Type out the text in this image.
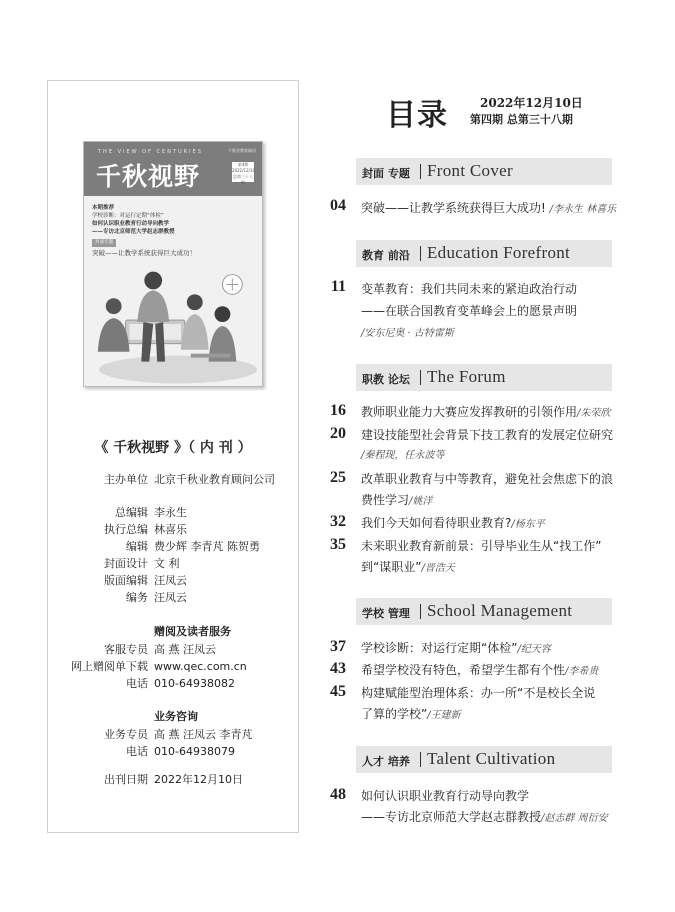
THE VIEW OF CENTURIES
千秋视野
千秋业教育顾问
第4期
2022/12/10
总第三十八期
本期推荐
学校诊断：对运行定期“体检”
如何认识职业教育行动导向教学
——专访北京师范大学赵志群教授
封面专题
突破——让教学系统获得巨大成功！
《 千秋视野 》（ 内 刊 ）
主办单位 北京千秋业教育顾问公司
总编辑 李永生
执行总编 林喜乐
编辑 费少辉 李青芃 陈贺勇
封面设计 文 利
版面编辑 汪凤云
编务 汪凤云
赠阅及读者服务
客服专员 高 燕 汪凤云
网上赠阅单下载 www.qec.com.cn
电话 010-64938082
业务咨询
业务专员 高 燕 汪凤云 李青芃
电话 010-64938079
出刊日期 2022年12月10日
目录	2022年12月10日
第四期 总第三十八期
封面 专题 Front Cover
04 突破——让教学系统获得巨大成功! /李永生 林喜乐
教育 前沿 Education Forefront
11 变革教育：我们共同未来的紧迫政治行动
——在联合国教育变革峰会上的愿景声明
/安东尼奥 · 古特雷斯
职教 论坛 The Forum
16 教师职业能力大赛应发挥教研的引领作用/朱荣欣
20 建设技能型社会背景下技工教育的发展定位研究
/秦程现，任永波等
25 改革职业教育与中等教育，避免社会焦虑下的浪
费性学习/姚洋
32 我们今天如何看待职业教育?/杨东平
35 未来职业教育新前景：引导毕业生从“找工作”
到“谋职业”/晋浩天
学校 管理 School Management
37 学校诊断：对运行定期“体检”/纪天容
43 希望学校没有特色，希望学生都有个性/李希贵
45 构建赋能型治理体系：办一所“不是校长全说
了算的学校”/王建新
人才 培养 Talent Cultivation
48 如何认识职业教育行动导向教学
——专访北京师范大学赵志群教授/赵志群 周衍安
